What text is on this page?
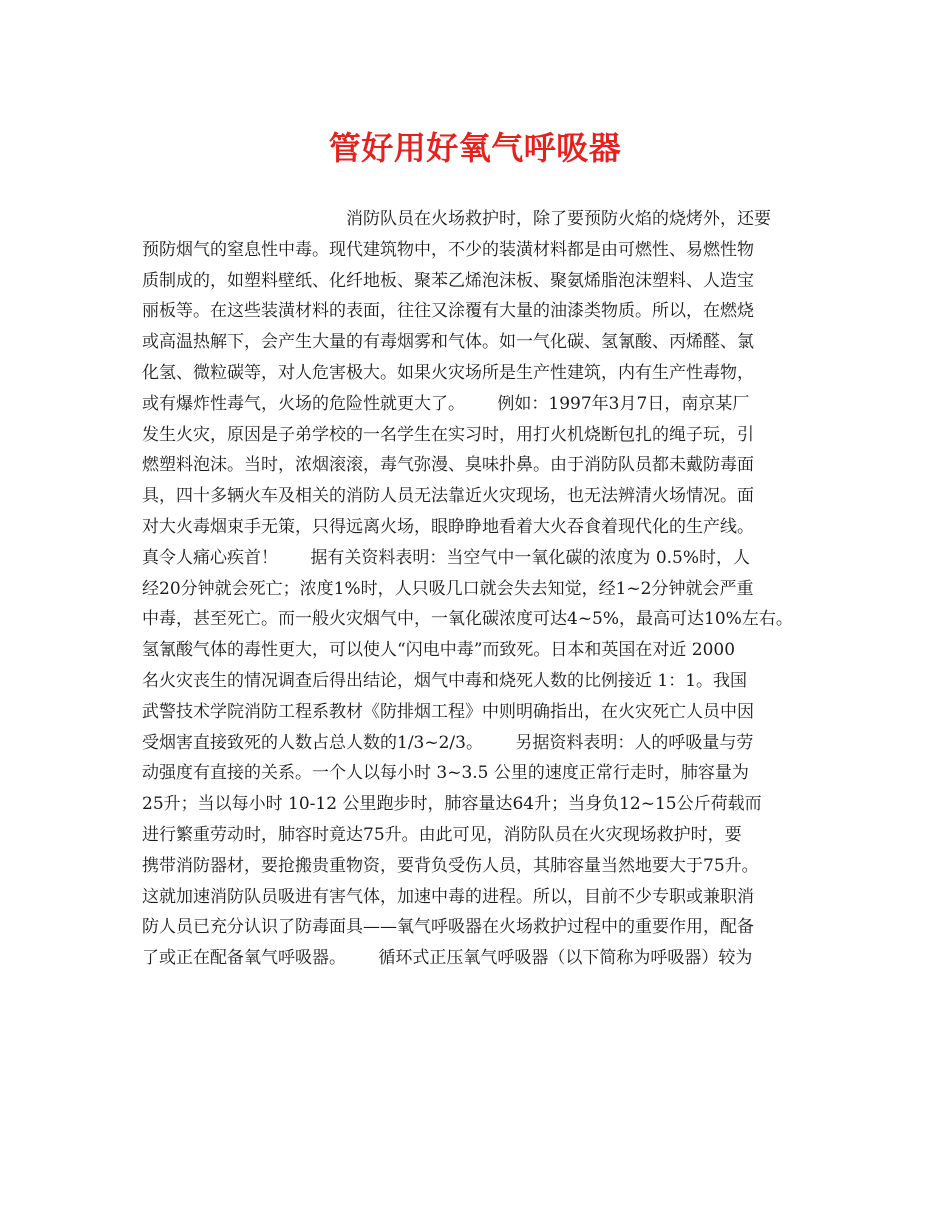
管好用好氧气呼吸器
消防队员在火场救护时，除了要预防火焰的烧烤外，还要
预防烟气的窒息性中毒。现代建筑物中，不少的装潢材料都是由可燃性、易燃性物
质制成的，如塑料壁纸、化纤地板、聚苯乙烯泡沫板、聚氨烯脂泡沫塑料、人造宝
丽板等。在这些装潢材料的表面，往往又涂覆有大量的油漆类物质。所以，在燃烧
或高温热解下，会产生大量的有毒烟雾和气体。如一气化碳、氢氰酸、丙烯醛、氯
化氢、微粒碳等，对人危害极大。如果火灾场所是生产性建筑，内有生产性毒物，
或有爆炸性毒气，火场的危险性就更大了。      例如：1997年3月7日，南京某厂
发生火灾，原因是子弟学校的一名学生在实习时，用打火机烧断包扎的绳子玩，引
燃塑料泡沫。当时，浓烟滚滚，毒气弥漫、臭味扑鼻。由于消防队员都未戴防毒面
具，四十多辆火车及相关的消防人员无法靠近火灾现场，也无法辨清火场情况。面
对大火毒烟束手无策，只得远离火场，眼睁睁地看着大火吞食着现代化的生产线。
真令人痛心疾首！      据有关资料表明：当空气中一氧化碳的浓度为 0.5%时，人
经20分钟就会死亡；浓度1%时，人只吸几口就会失去知觉，经1~2分钟就会严重
中毒，甚至死亡。而一般火灾烟气中，一氧化碳浓度可达4~5%，最高可达10%左右。
氢氰酸气体的毒性更大，可以使人“闪电中毒”而致死。日本和英国在对近 2000
名火灾丧生的情况调查后得出结论，烟气中毒和烧死人数的比例接近 1：1。我国
武警技术学院消防工程系教材《防排烟工程》中则明确指出，在火灾死亡人员中因
受烟害直接致死的人数占总人数的1/3~2/3。      另据资料表明：人的呼吸量与劳
动强度有直接的关系。一个人以每小时 3~3.5 公里的速度正常行走时，肺容量为
25升；当以每小时 10-12 公里跑步时，肺容量达64升；当身负12~15公斤荷载而
进行繁重劳动时，肺容时竟达75升。由此可见，消防队员在火灾现场救护时，要
携带消防器材，要抢搬贵重物资，要背负受伤人员，其肺容量当然地要大于75升。
这就加速消防队员吸进有害气体，加速中毒的进程。所以，目前不少专职或兼职消
防人员已充分认识了防毒面具——氧气呼吸器在火场救护过程中的重要作用，配备
了或正在配备氧气呼吸器。      循环式正压氧气呼吸器（以下简称为呼吸器）较为
